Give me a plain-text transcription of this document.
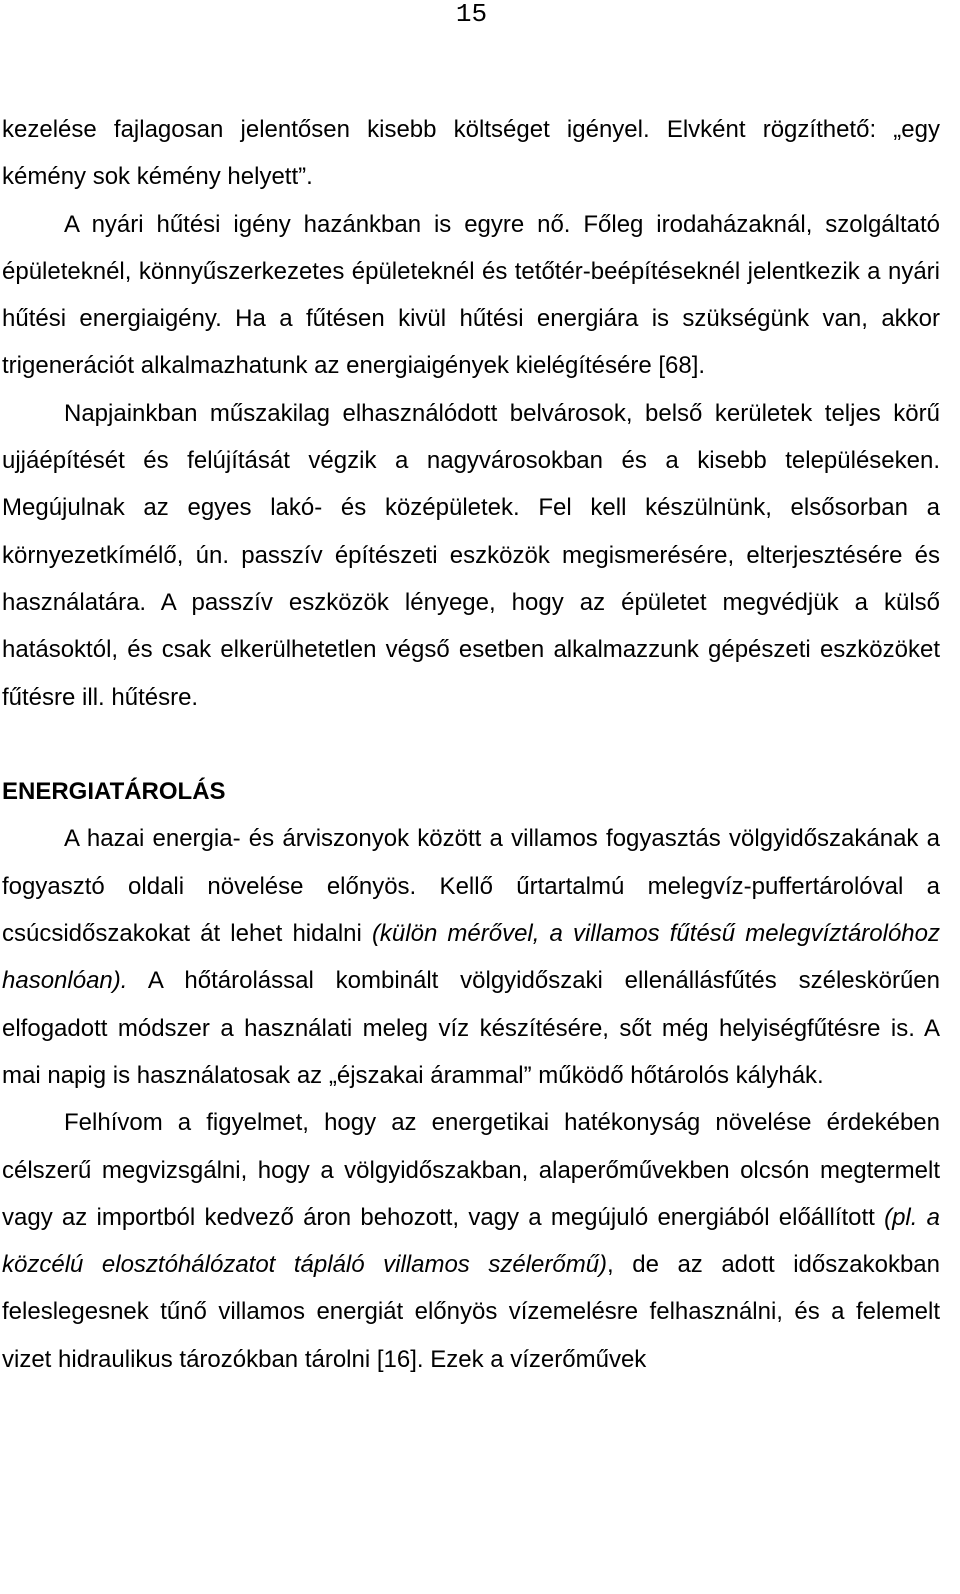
15

kezelése fajlagosan jelentősen kisebb költséget igényel. Elvként rögzíthető: „egy kémény sok kémény helyett”.

A nyári hűtési igény hazánkban is egyre nő. Főleg irodaházaknál, szolgáltató épületeknél, könnyűszerkezetes épületeknél és tetőtér-beépítéseknél jelentkezik a nyári hűtési energiaigény. Ha a fűtésen kivül hűtési energiára is szükségünk van, akkor trigenerációt alkalmazhatunk az energiaigények kielégítésére [68].

Napjainkban műszakilag elhasználódott belvárosok, belső kerületek teljes körű ujjáépítését és felújítását végzik a nagyvárosokban és a kisebb településeken. Megújulnak az egyes lakó- és középületek. Fel kell készülnünk, elsősorban a környezetkímélő, ún. passzív építészeti eszközök megismerésére, elterjesztésére és használatára. A passzív eszközök lényege, hogy az épületet megvédjük a külső hatásoktól, és csak elkerülhetetlen végső esetben alkalmazzunk gépészeti eszközöket fűtésre ill. hűtésre.

ENERGIATÁROLÁS

A hazai energia- és árviszonyok között a villamos fogyasztás völgyidőszakának a fogyasztó oldali növelése előnyös. Kellő űrtartalmú melegvíz-puffertárolóval a csúcsidőszakokat át lehet hidalni (külön mérővel, a villamos fűtésű melegvíztárolóhoz hasonlóan). A hőtárolással kombinált völgyidőszaki ellenállásfűtés széleskörűen elfogadott módszer a használati meleg víz készítésére, sőt még helyiségfűtésre is. A mai napig is használatosak az „éjszakai árammal” működő hőtárolós kályhák.

Felhívom a figyelmet, hogy az energetikai hatékonyság növelése érdekében célszerű megvizsgálni, hogy a völgyidőszakban, alaperőművekben olcsón megtermelt vagy az importból kedvező áron behozott, vagy a megújuló energiából előállított (pl. a közcélú elosztóhálózatot tápláló villamos szélerőmű), de az adott időszakokban feleslegesnek tűnő villamos energiát előnyös vízemelésre felhasználni, és a felemelt vizet hidraulikus tározókban tárolni [16]. Ezek a vízerőművek
